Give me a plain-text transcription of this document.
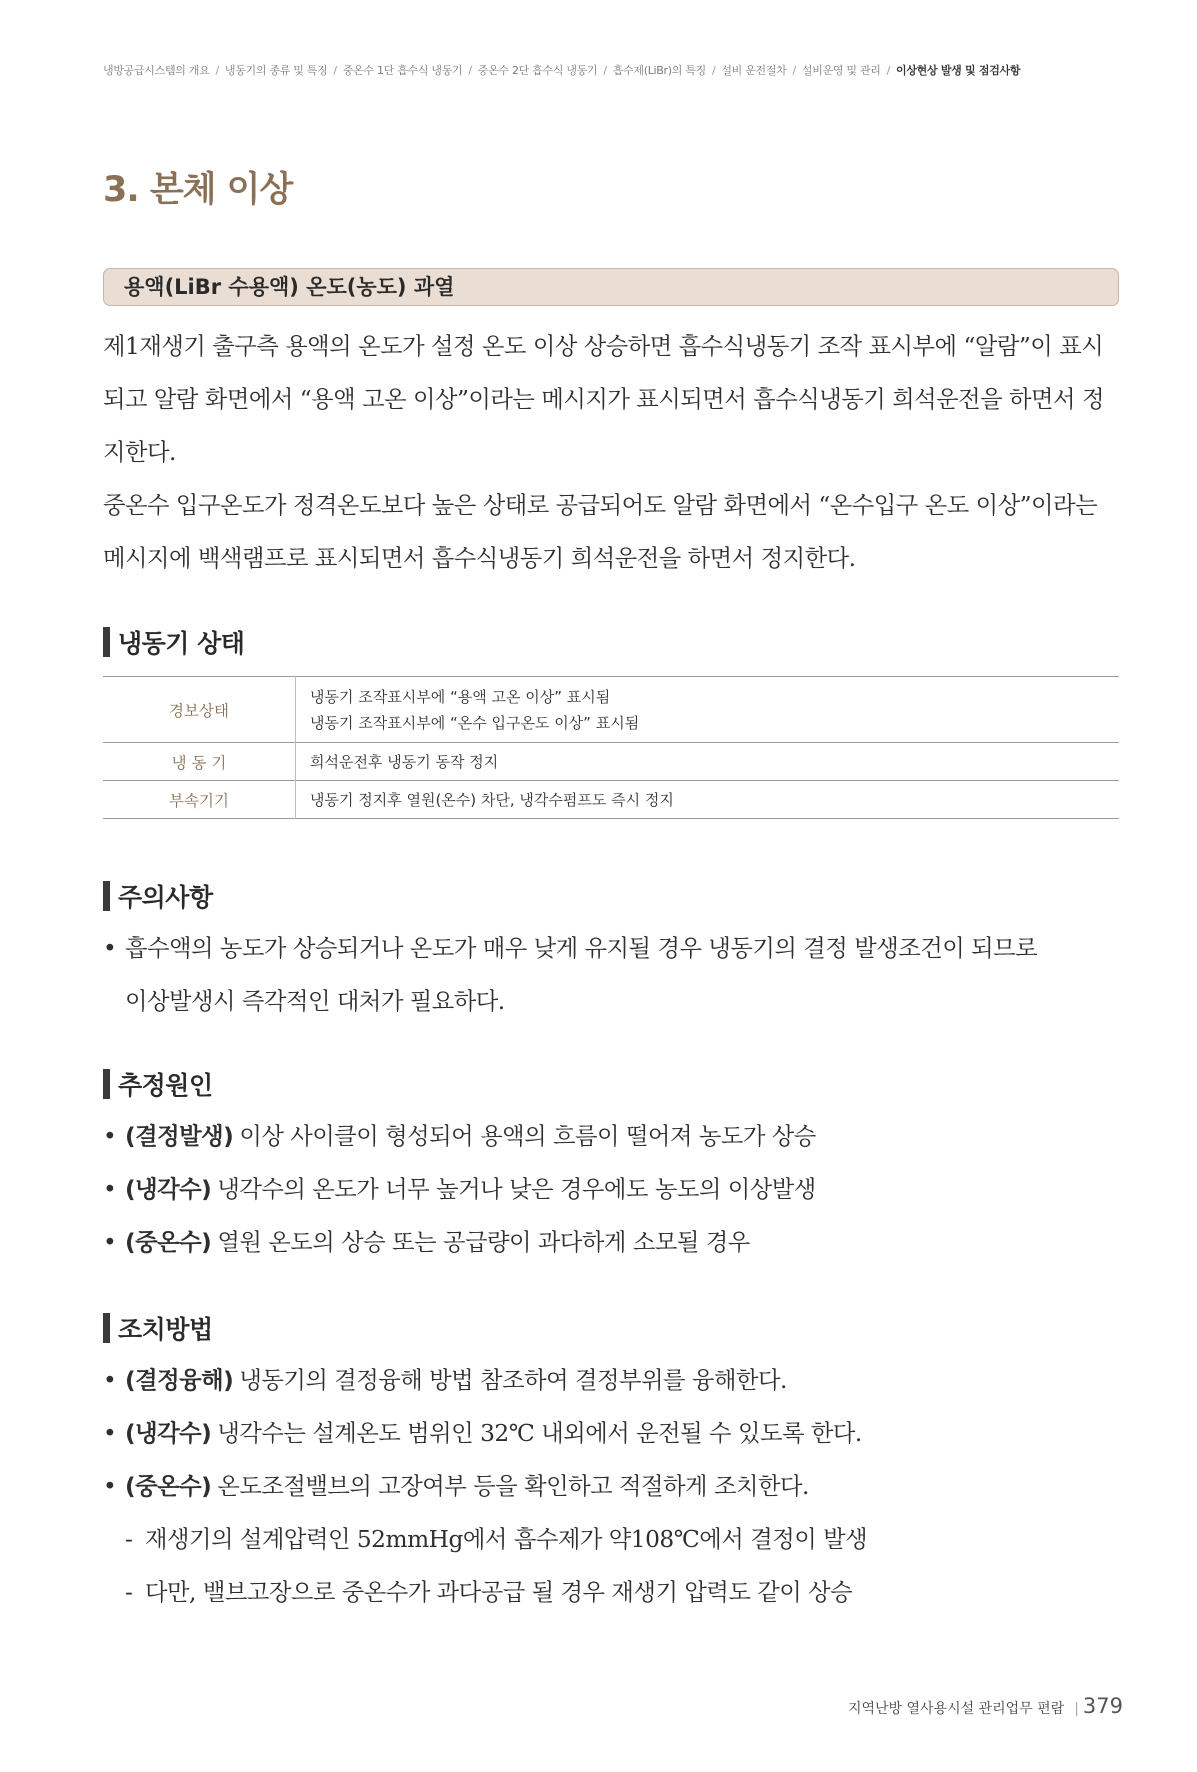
냉방공급시스템의 개요 / 냉동기의 종류 및 특징 / 중온수 1단 흡수식 냉동기 / 중온수 2단 흡수식 냉동기 / 흡수제(LiBr)의 특징 / 설비 운전절차 / 설비운영 및 관리 / 이상현상 발생 및 점검사항
3. 본체 이상
용액(LiBr 수용액) 온도(농도) 과열

제1재생기 출구측 용액의 온도가 설정 온도 이상 상승하면 흡수식냉동기 조작 표시부에 “알람”이 표시되고 알람 화면에서 “용액 고온 이상”이라는 메시지가 표시되면서 흡수식냉동기 희석운전을 하면서 정지한다.

중온수 입구온도가 정격온도보다 높은 상태로 공급되어도 알람 화면에서 “온수입구 온도 이상”이라는 메시지에 백색램프로 표시되면서 흡수식냉동기 희석운전을 하면서 정지한다.

냉동기 상태
경보상태	냉동기 조작표시부에 “용액 고온 이상” 표시됨
냉동기 조작표시부에 “온수 입구온도 이상” 표시됨

냉 동 기	희석운전후 냉동기 동작 정지

부속기기	냉동기 정지후 열원(온수) 차단, 냉각수펌프도 즉시 정지
주의사항
• 흡수액의 농도가 상승되거나 온도가 매우 낮게 유지될 경우 냉동기의 결정 발생조건이 되므로
이상발생시 즉각적인 대처가 필요하다.
추정원인
• (결정발생) 이상 사이클이 형성되어 용액의 흐름이 떨어져 농도가 상승
• (냉각수) 냉각수의 온도가 너무 높거나 낮은 경우에도 농도의 이상발생
• (중온수) 열원 온도의 상승 또는 공급량이 과다하게 소모될 경우
조치방법
• (결정융해) 냉동기의 결정융해 방법 참조하여 결정부위를 융해한다.
• (냉각수) 냉각수는 설계온도 범위인 32℃ 내외에서 운전될 수 있도록 한다.
• (중온수) 온도조절밸브의 고장여부 등을 확인하고 적절하게 조치한다.
- 재생기의 설계압력인 52mmHg에서 흡수제가 약108℃에서 결정이 발생
- 다만, 밸브고장으로 중온수가 과다공급 될 경우 재생기 압력도 같이 상승
지역난방 열사용시설 관리업무 편람 | 379
